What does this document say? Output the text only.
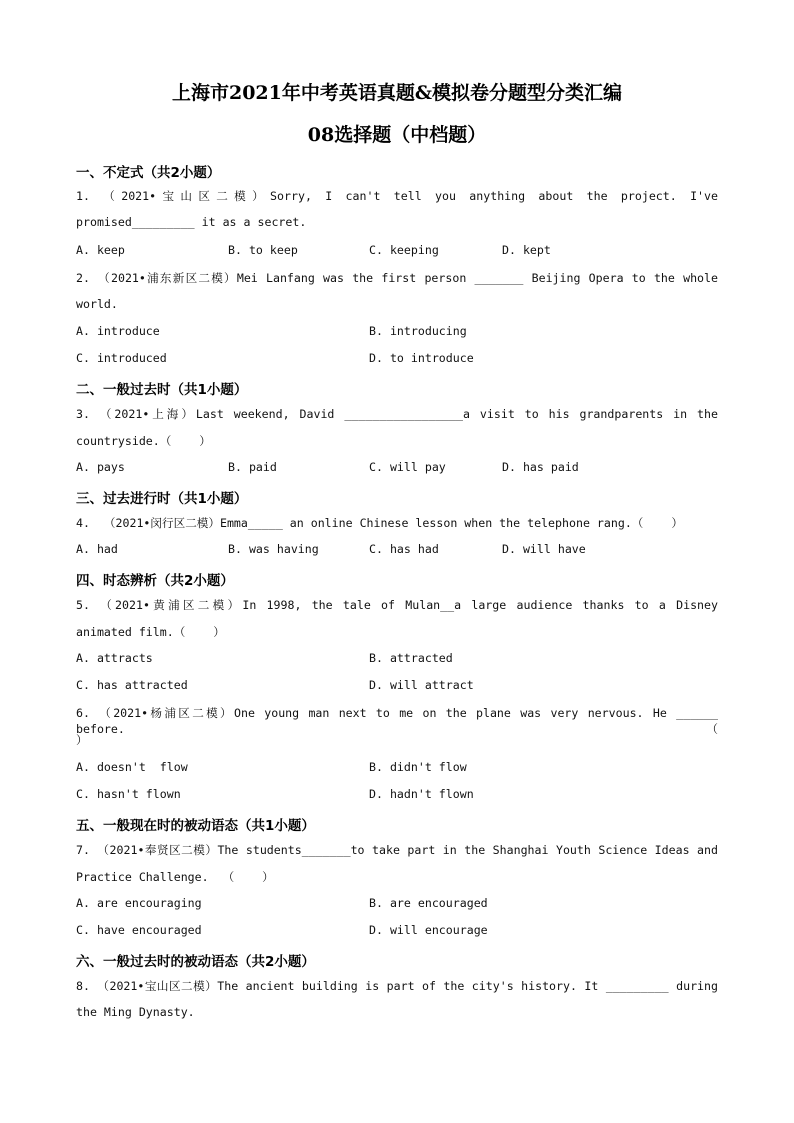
上海市2021年中考英语真题&模拟卷分题型分类汇编
08选择题（中档题）
一、不定式（共2小题）
1. （2021•宝山区二模）Sorry, I can't tell you anything about the project. I've
promised_________ it as a secret.
A. keep	B. to keep	C. keeping	D. kept
2. （2021•浦东新区二模）Mei Lanfang was the first person _______ Beijing Opera to the whole
world.
A. introduce	B. introducing
C. introduced	D. to introduce
二、一般过去时（共1小题）
3. （2021•上海）Last weekend, David _________________a visit to his grandparents in the
countryside.（    ）
A. pays	B. paid	C. will pay	D. has paid
三、过去进行时（共1小题）
4.  （2021•闵行区二模）Emma_____ an online Chinese lesson when the telephone rang.（    ）
A. had	B. was having	C. has had	D. will have
四、时态辨析（共2小题）
5. （2021•黄浦区二模）In 1998, the tale of Mulan__a large audience thanks to a Disney
animated film.（    ）
A. attracts	B. attracted
C. has attracted	D. will attract
6. （2021•杨浦区二模）One young man next to me on the plane was very nervous. He ______ before.（
）
A. doesn't  flow	B. didn't flow
C. hasn't flown	D. hadn't flown
五、一般现在时的被动语态（共1小题）
7. （2021•奉贤区二模）The students_______to take part in the Shanghai Youth Science Ideas and
Practice Challenge.  （    ）
A. are encouraging	B. are encouraged
C. have encouraged	D. will encourage
六、一般过去时的被动语态（共2小题）
8. （2021•宝山区二模）The ancient building is part of the city's history. It _________ during
the Ming Dynasty.
